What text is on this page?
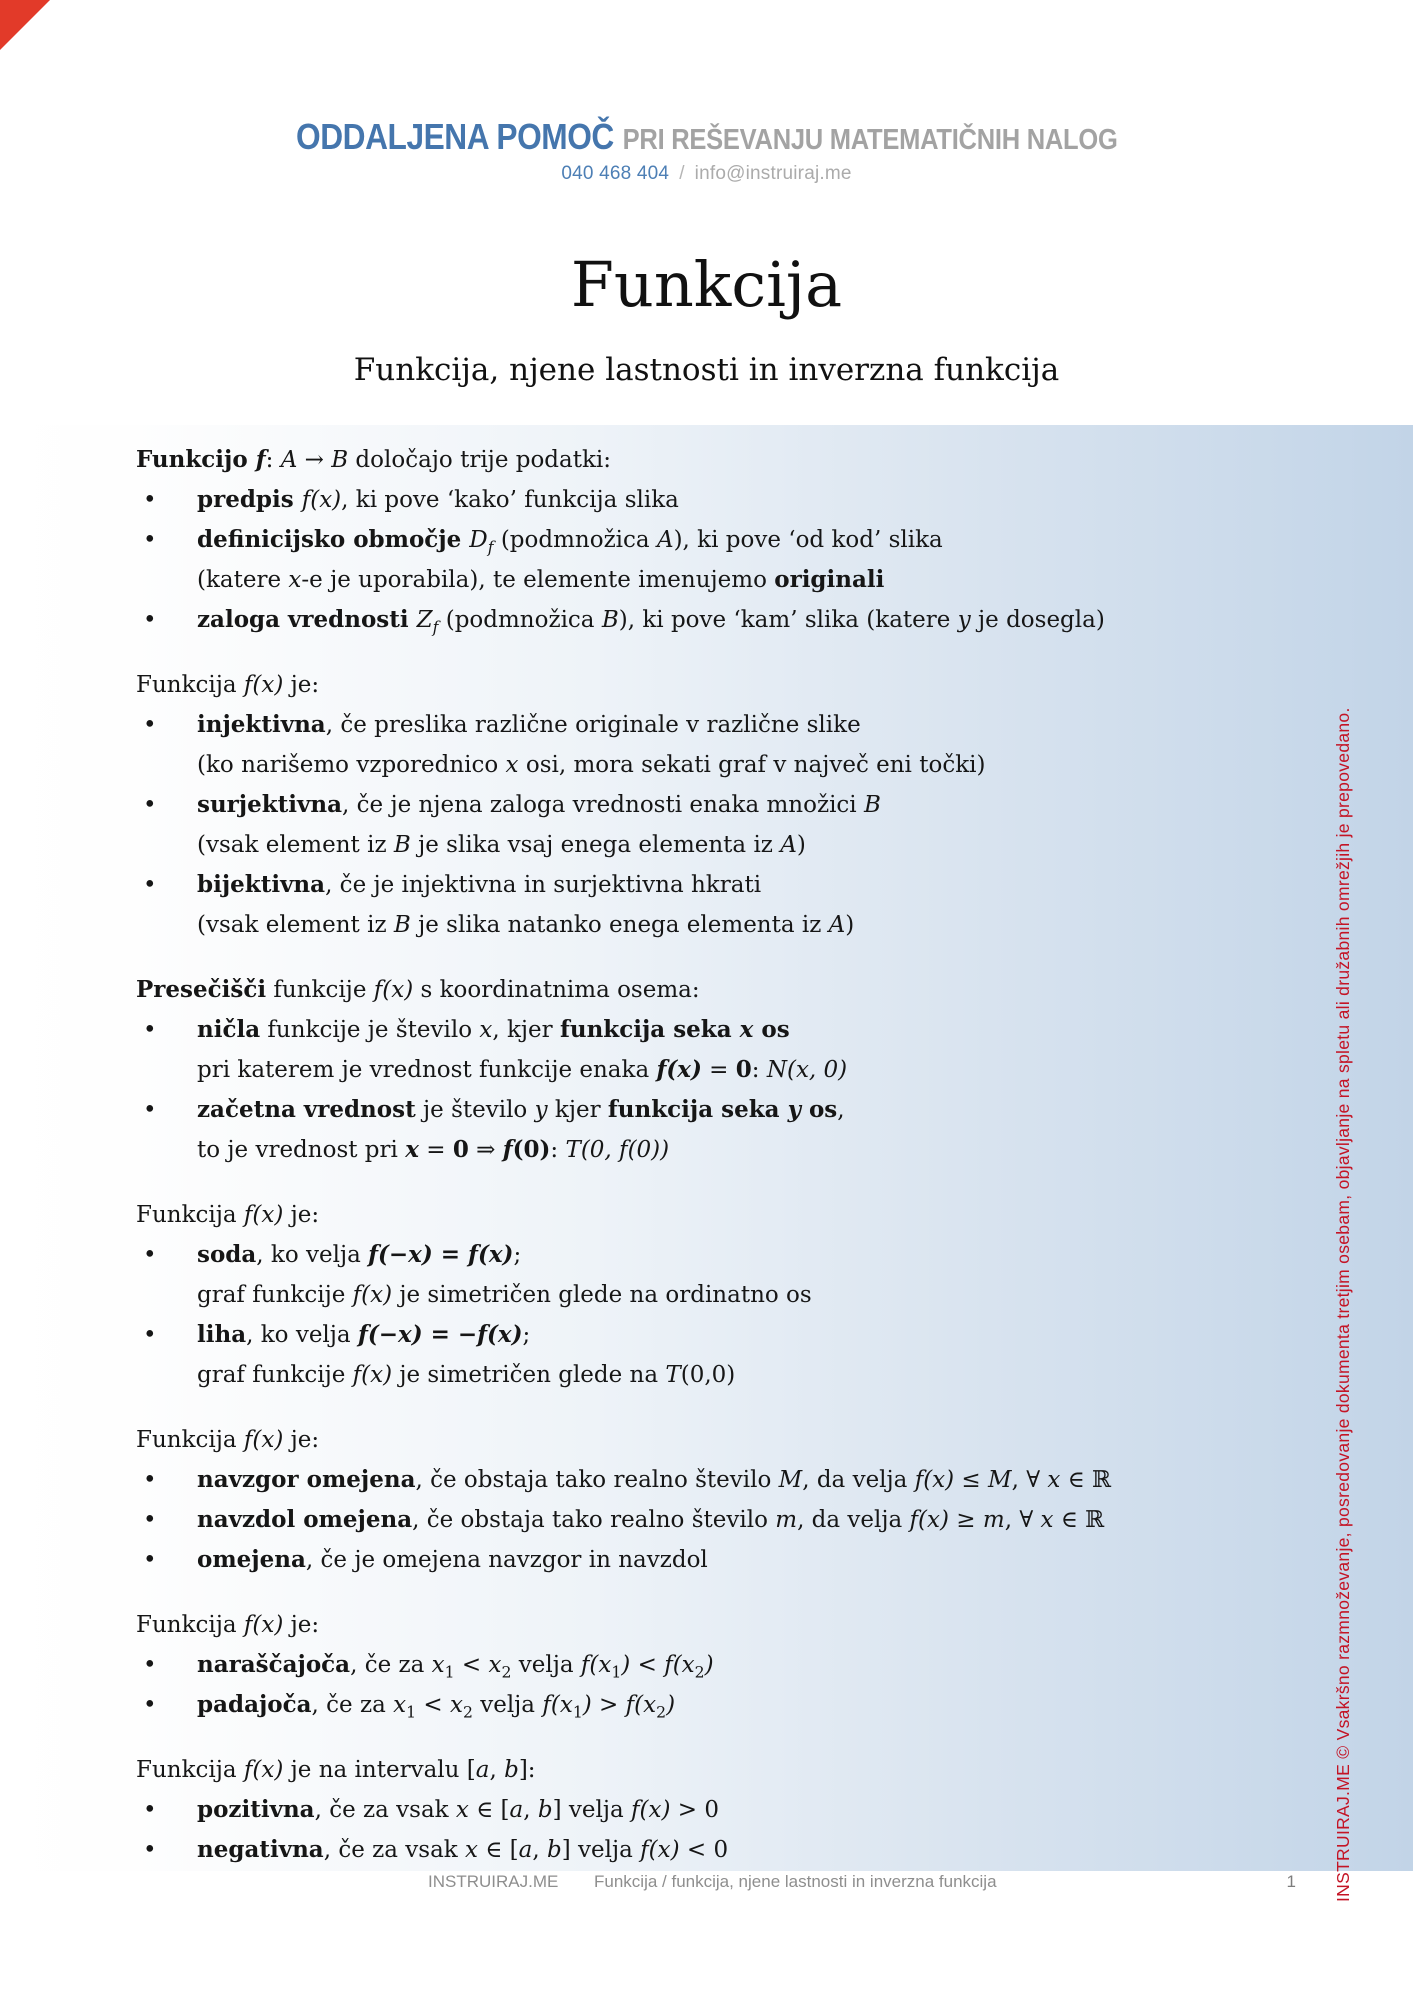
ODDALJENA POMOČ PRI REŠEVANJU MATEMATIČNIH NALOG
040 468 404 / info@instruiraj.me
Funkcija
Funkcija, njene lastnosti in inverzna funkcija
Funkcijo f: A → B določajo trije podatki:
•	predpis f(x), ki pove ‘kako’ funkcija slika
•	definicijsko območje $D_f$ (podmnožica A), ki pove ‘od kod’ slika
(katere x-e je uporabila), te elemente imenujemo originali
•	zaloga vrednosti $Z_f$ (podmnožica B), ki pove ‘kam’ slika (katere y je dosegla)
Funkcija f(x) je:
•	injektivna, če preslika različne originale v različne slike
(ko narišemo vzporednico x osi, mora sekati graf v največ eni točki)
•	surjektivna, če je njena zaloga vrednosti enaka množici B
(vsak element iz B je slika vsaj enega elementa iz A)
•	bijektivna, če je injektivna in surjektivna hkrati
(vsak element iz B je slika natanko enega elementa iz A)
Presečišči funkcije f(x) s koordinatnima osema:
•	ničla funkcije je število x, kjer funkcija seka x os
pri katerem je vrednost funkcije enaka f(x) = 0: N(x, 0)
•	začetna vrednost je število y kjer funkcija seka y os,
to je vrednost pri x = 0 ⇒ f(0): T(0, f(0))
Funkcija f(x) je:
•	soda, ko velja f(−x) = f(x);
graf funkcije f(x) je simetričen glede na ordinatno os
•	liha, ko velja f(−x) = −f(x);
graf funkcije f(x) je simetričen glede na T(0,0)
Funkcija f(x) je:
•	navzgor omejena, če obstaja tako realno število M, da velja f(x) ≤ M, ∀ x ∈ ℝ
•	navzdol omejena, če obstaja tako realno število m, da velja f(x) ≥ m, ∀ x ∈ ℝ
•	omejena, če je omejena navzgor in navzdol
Funkcija f(x) je:
•	naraščajoča, če za $x_1 < x_2$ velja $f(x_1) < f(x_2)$
•	padajoča, če za $x_1 < x_2$ velja $f(x_1) > f(x_2)$
Funkcija f(x) je na intervalu [a, b]:
•	pozitivna, če za vsak x ∈ [a, b] velja f(x) > 0
•	negativna, če za vsak x ∈ [a, b] velja f(x) < 0	INSTRUIRAJ.ME © Vsakršno razmnoževanje, posredovanje dokumenta tretjim osebam, objavljanje na spletu ali družabnih omrežjih je prepovedano.
INSTRUIRAJ.ME Funkcija / funkcija, njene lastnosti in inverzna funkcija	1
